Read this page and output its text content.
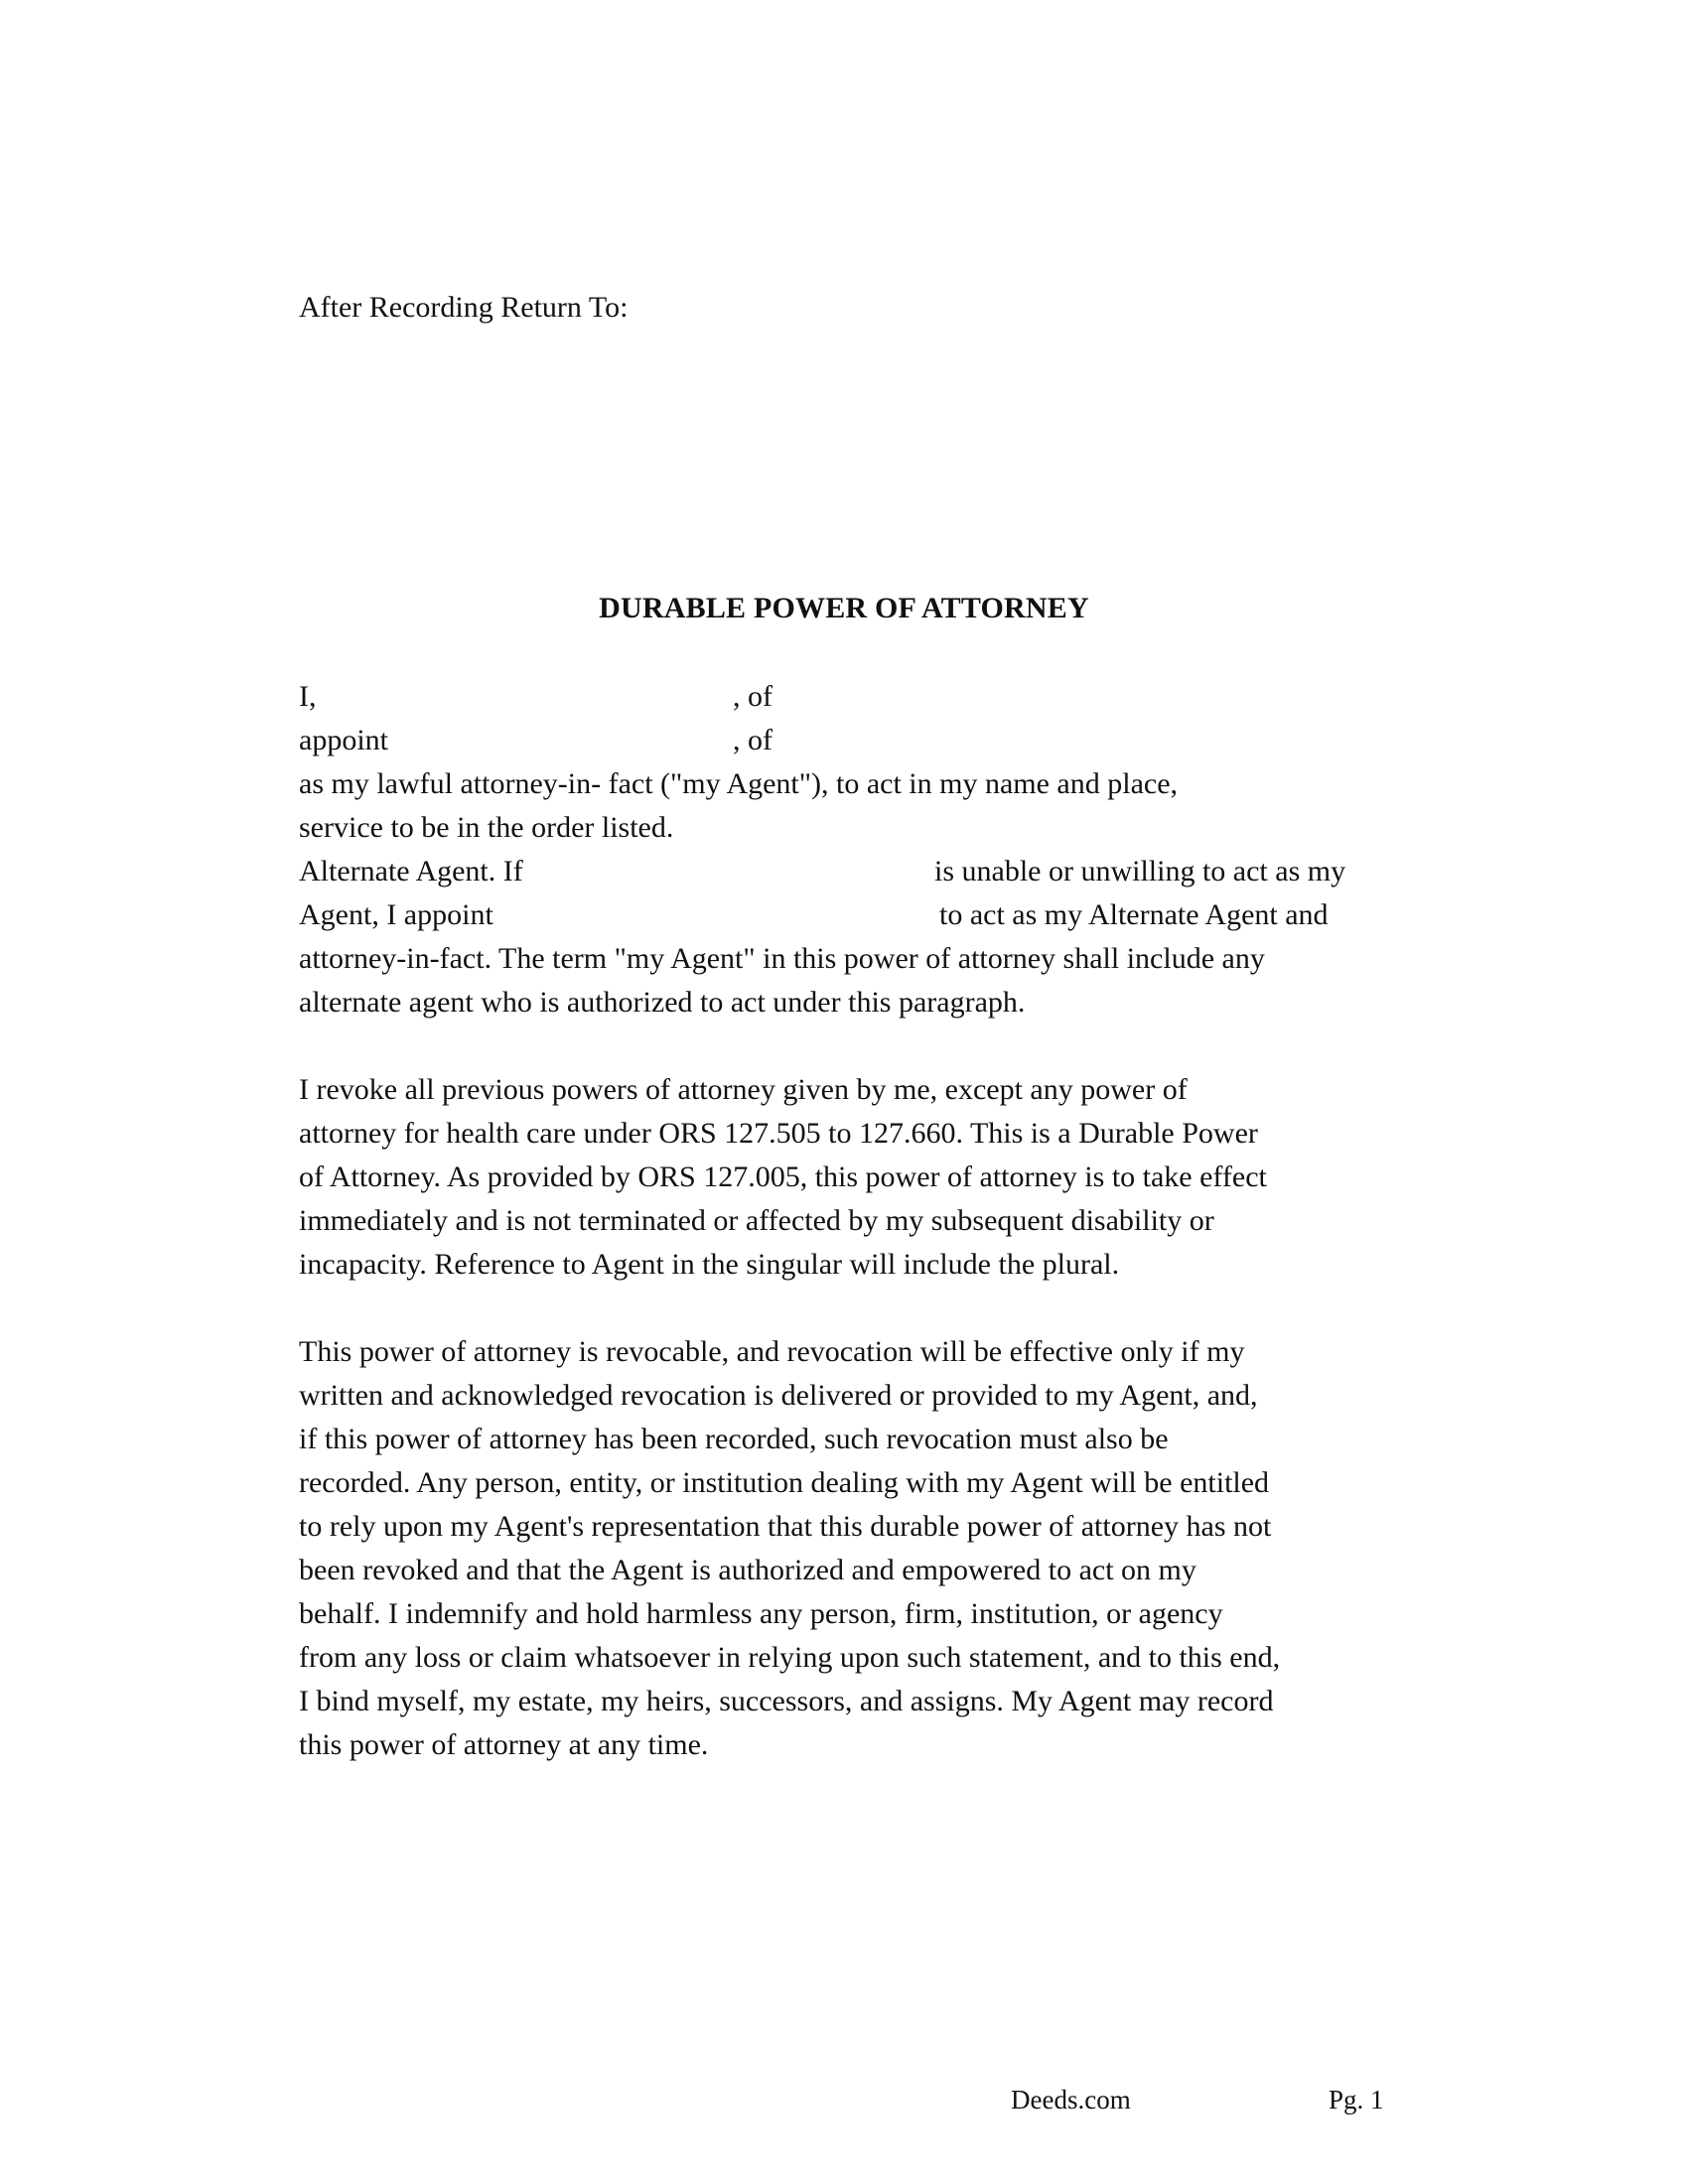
After Recording Return To:
DURABLE POWER OF ATTORNEY
I,	, of
appoint	, of
as my lawful attorney-in- fact ("my Agent"), to act in my name and place,
service to be in the order listed.
Alternate Agent. If	is unable or unwilling to act as my
Agent, I appoint	to act as my Alternate Agent and
attorney-in-fact. The term "my Agent" in this power of attorney shall include any
alternate agent who is authorized to act under this paragraph.
I revoke all previous powers of attorney given by me, except any power of
attorney for health care under ORS 127.505 to 127.660. This is a Durable Power
of Attorney. As provided by ORS 127.005, this power of attorney is to take effect
immediately and is not terminated or affected by my subsequent disability or
incapacity. Reference to Agent in the singular will include the plural.
This power of attorney is revocable, and revocation will be effective only if my
written and acknowledged revocation is delivered or provided to my Agent, and,
if this power of attorney has been recorded, such revocation must also be
recorded. Any person, entity, or institution dealing with my Agent will be entitled
to rely upon my Agent's representation that this durable power of attorney has not
been revoked and that the Agent is authorized and empowered to act on my
behalf. I indemnify and hold harmless any person, firm, institution, or agency
from any loss or claim whatsoever in relying upon such statement, and to this end,
I bind myself, my estate, my heirs, successors, and assigns. My Agent may record
this power of attorney at any time.
Deeds.com	Pg. 1
